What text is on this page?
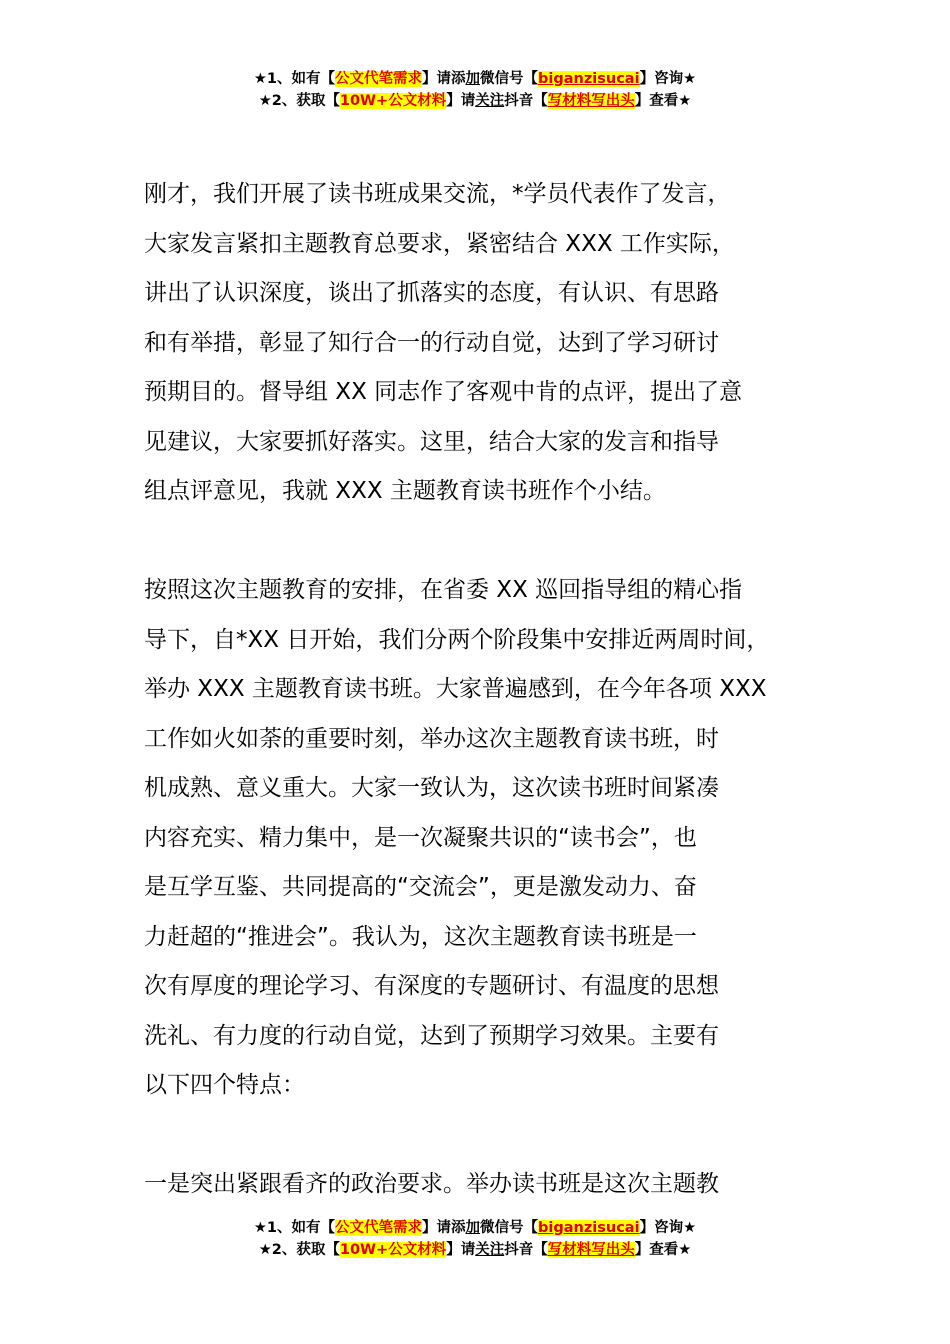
★1、如有【公文代笔需求】请添加微信号【biganzisucai】咨询★
★2、获取【10W+公文材料】请关注抖音【写材料写出头】查看★

刚才，我们开展了读书班成果交流，*学员代表作了发言，
大家发言紧扣主题教育总要求，紧密结合 XXX 工作实际，
讲出了认识深度，谈出了抓落实的态度，有认识、有思路
和有举措，彰显了知行合一的行动自觉，达到了学习研讨
预期目的。督导组 XX 同志作了客观中肯的点评，提出了意
见建议，大家要抓好落实。这里，结合大家的发言和指导
组点评意见，我就 XXX 主题教育读书班作个小结。

按照这次主题教育的安排，在省委 XX 巡回指导组的精心指
导下，自*XX 日开始，我们分两个阶段集中安排近两周时间，
举办 XXX 主题教育读书班。大家普遍感到，在今年各项 XXX
工作如火如荼的重要时刻，举办这次主题教育读书班，时
机成熟、意义重大。大家一致认为，这次读书班时间紧凑
内容充实、精力集中，是一次凝聚共识的“读书会”，也
是互学互鉴、共同提高的“交流会”，更是激发动力、奋
力赶超的“推进会”。我认为，这次主题教育读书班是一
次有厚度的理论学习、有深度的专题研讨、有温度的思想
洗礼、有力度的行动自觉，达到了预期学习效果。主要有
以下四个特点：

一是突出紧跟看齐的政治要求。举办读书班是这次主题教

★1、如有【公文代笔需求】请添加微信号【biganzisucai】咨询★
★2、获取【10W+公文材料】请关注抖音【写材料写出头】查看★
